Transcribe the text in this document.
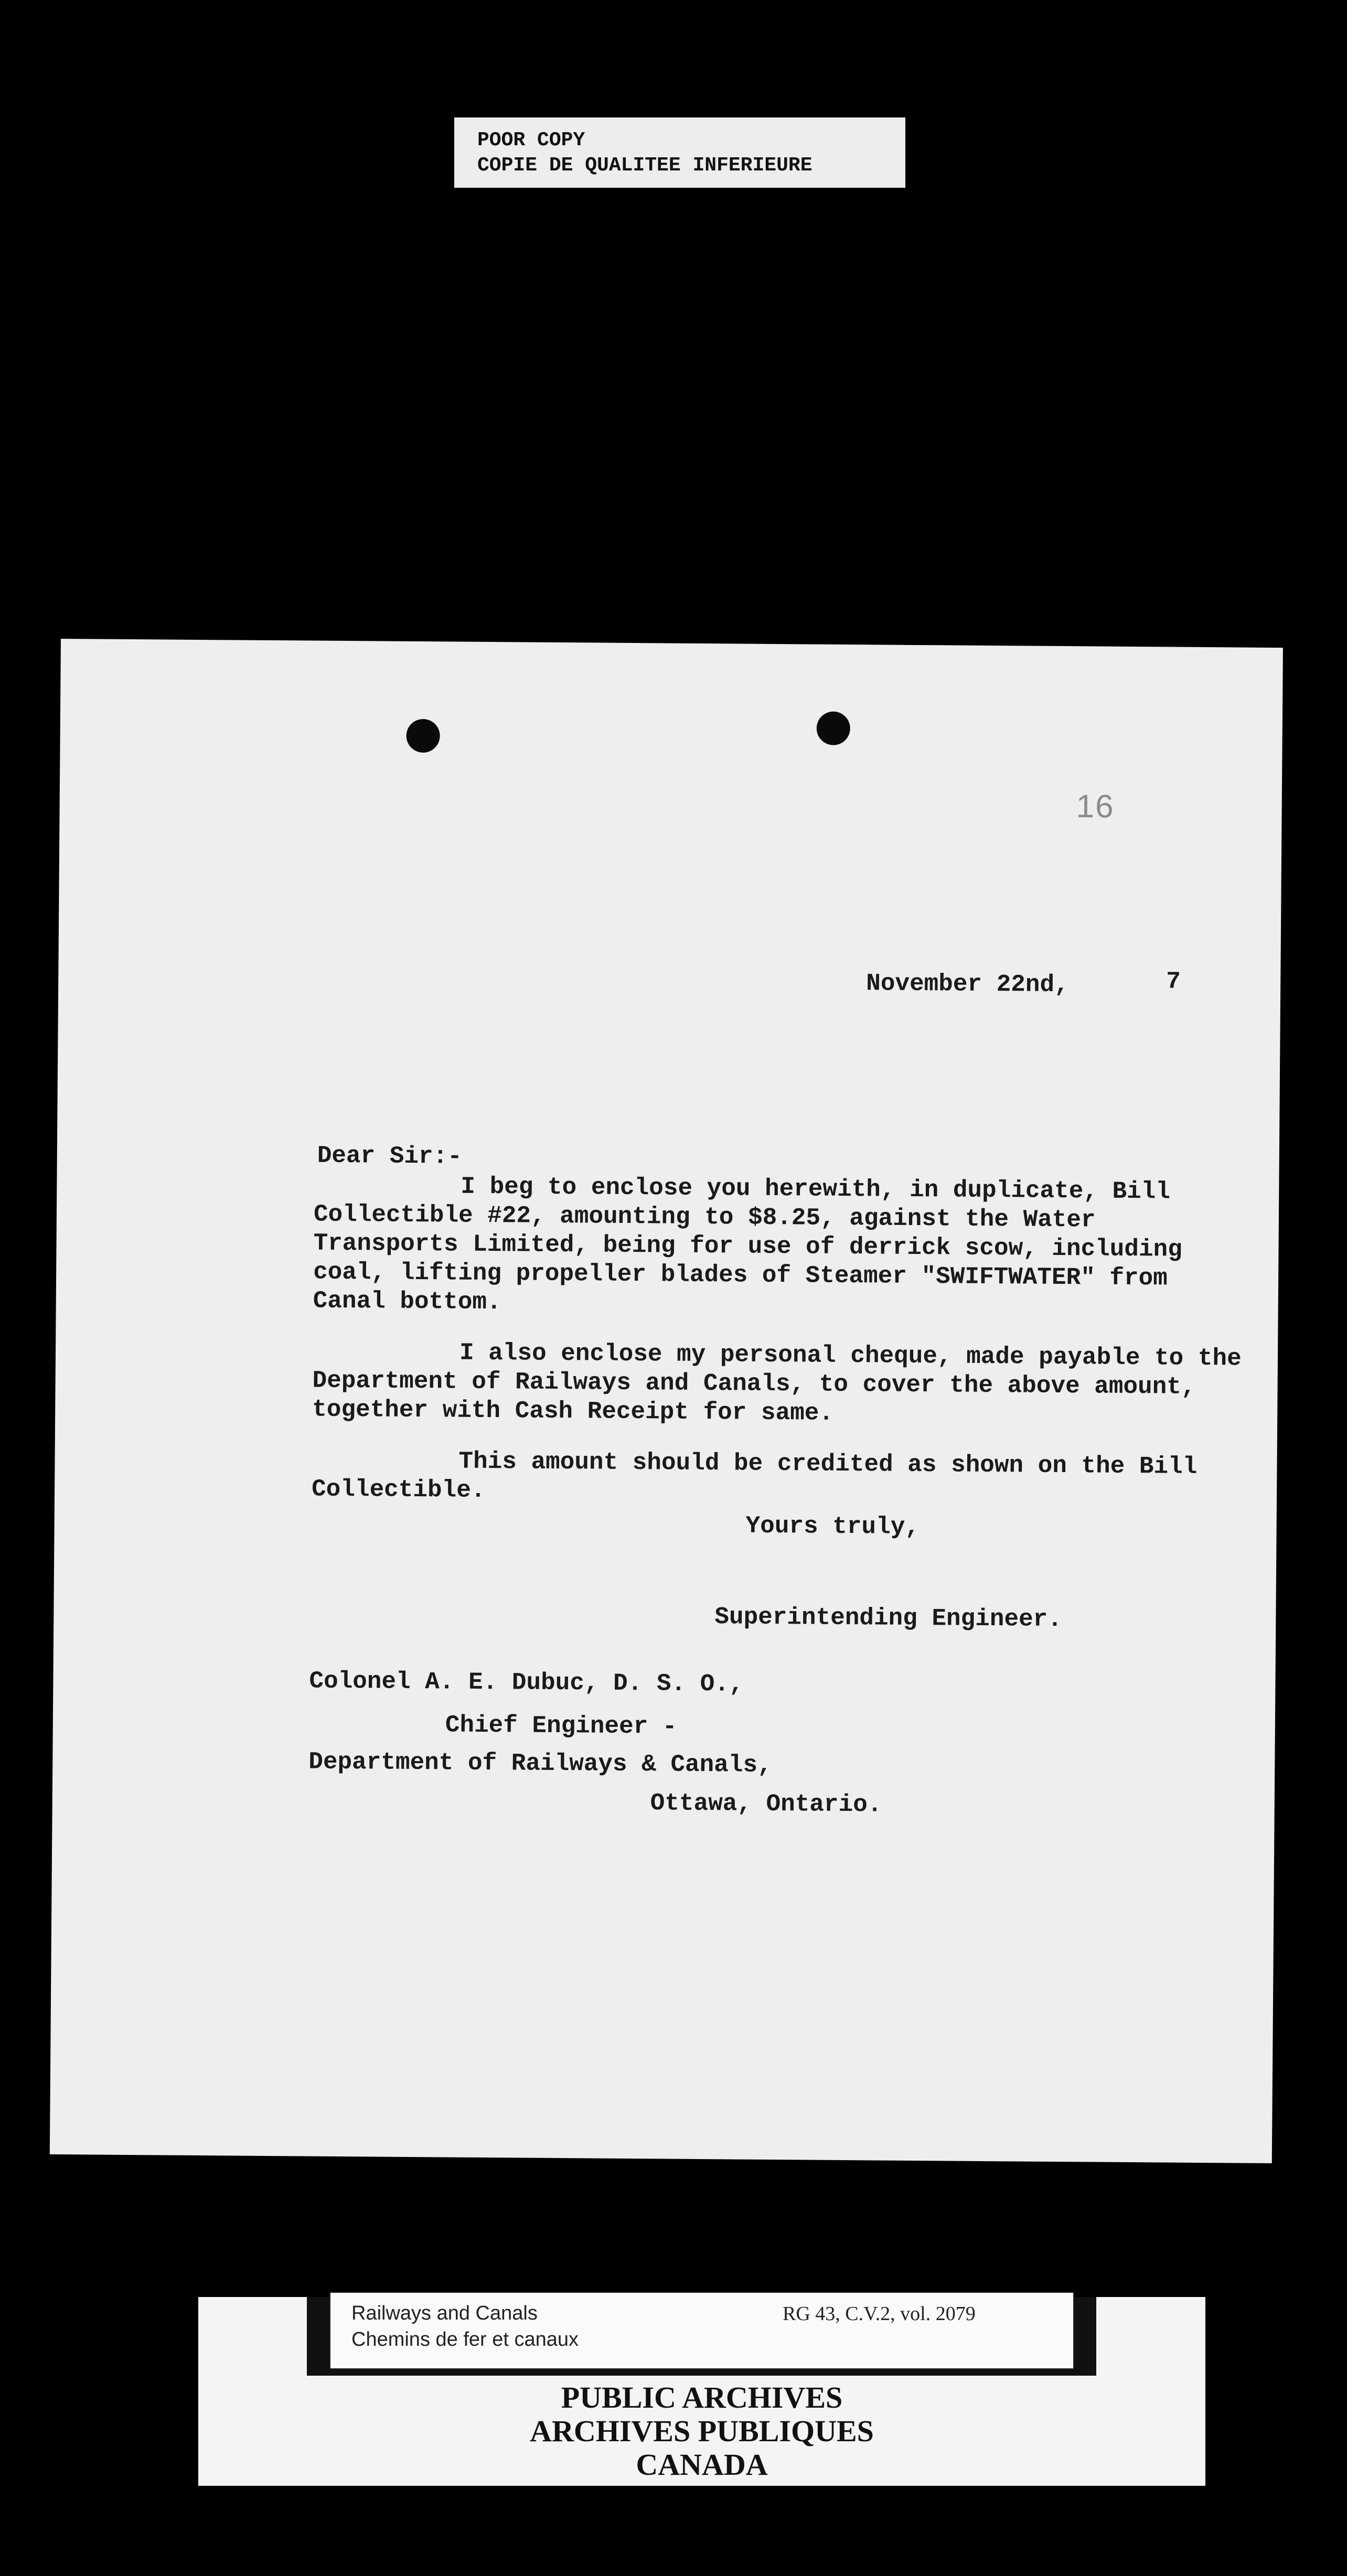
POOR COPY
COPIE DE QUALITEE INFERIEURE
16
November 22nd,	7
Dear Sir:-

I beg to enclose you herewith, in duplicate, Bill Collectible #22, amounting to $8.25, against the Water Transports Limited, being for use of derrick scow, including coal, lifting propeller blades of Steamer "SWIFTWATER" from Canal bottom.

I also enclose my personal cheque, made payable to the Department of Railways and Canals, to cover the above amount, together with Cash Receipt for same.

This amount should be credited as shown on the Bill Collectible.

Yours truly,
Superintending Engineer.
Colonel A. E. Dubuc, D. S. O.,
Chief Engineer -
Department of Railways & Canals,
Ottawa, Ontario.
Railways and Canals
Chemins de fer et canaux
RG 43, C.V.2, vol. 2079
PUBLIC ARCHIVES
ARCHIVES PUBLIQUES
CANADA
